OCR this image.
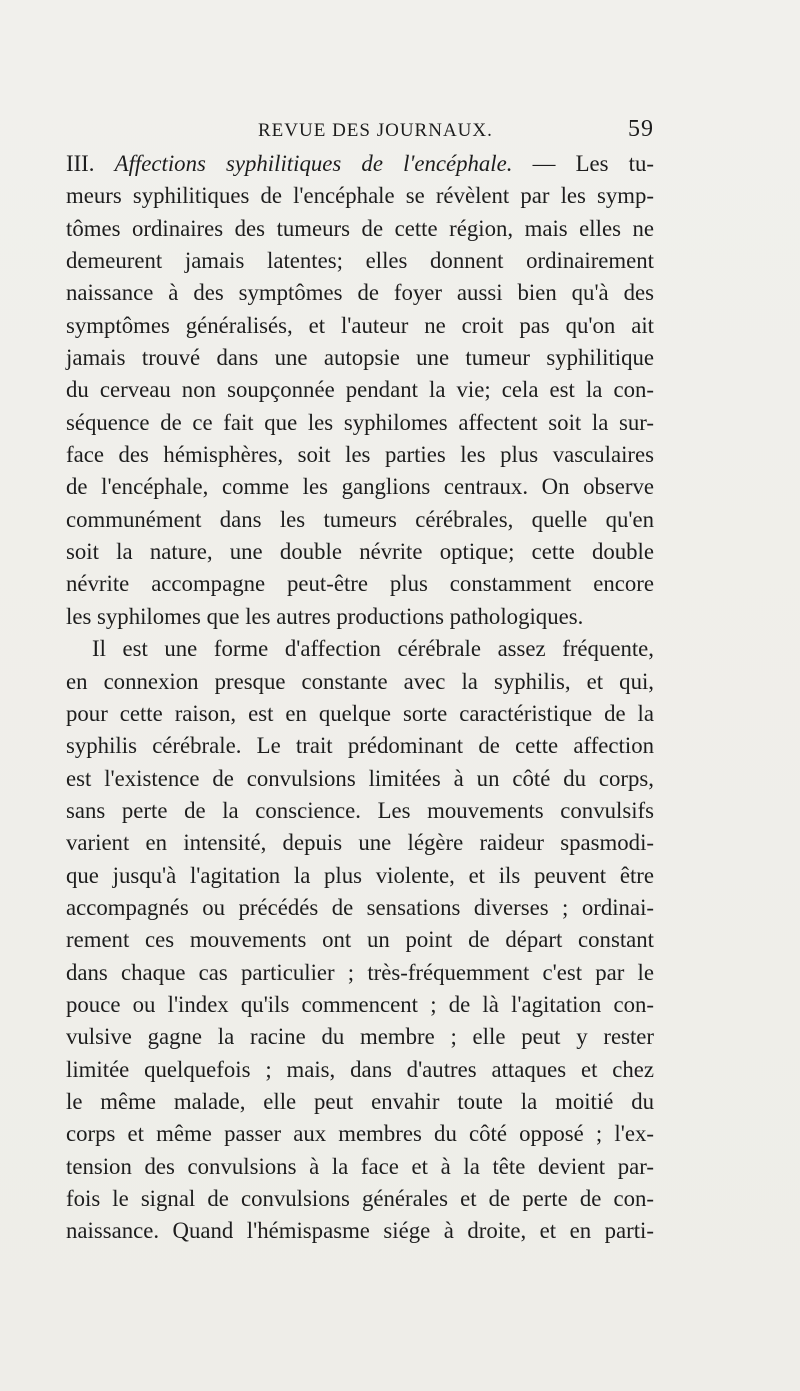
REVUE DES JOURNAUX.	59
III. Affections syphilitiques de l'encéphale. — Les tu-
meurs syphilitiques de l'encéphale se révèlent par les symp-
tômes ordinaires des tumeurs de cette région, mais elles ne
demeurent jamais latentes; elles donnent ordinairement
naissance à des symptômes de foyer aussi bien qu'à des
symptômes généralisés, et l'auteur ne croit pas qu'on ait
jamais trouvé dans une autopsie une tumeur syphilitique
du cerveau non soupçonnée pendant la vie; cela est la con-
séquence de ce fait que les syphilomes affectent soit la sur-
face des hémisphères, soit les parties les plus vasculaires
de l'encéphale, comme les ganglions centraux. On observe
communément dans les tumeurs cérébrales, quelle qu'en
soit la nature, une double névrite optique; cette double
névrite accompagne peut-être plus constamment encore
les syphilomes que les autres productions pathologiques.
Il est une forme d'affection cérébrale assez fréquente,
en connexion presque constante avec la syphilis, et qui,
pour cette raison, est en quelque sorte caractéristique de la
syphilis cérébrale. Le trait prédominant de cette affection
est l'existence de convulsions limitées à un côté du corps,
sans perte de la conscience. Les mouvements convulsifs
varient en intensité, depuis une légère raideur spasmodi-
que jusqu'à l'agitation la plus violente, et ils peuvent être
accompagnés ou précédés de sensations diverses ; ordinai-
rement ces mouvements ont un point de départ constant
dans chaque cas particulier ; très-fréquemment c'est par le
pouce ou l'index qu'ils commencent ; de là l'agitation con-
vulsive gagne la racine du membre ; elle peut y rester
limitée quelquefois ; mais, dans d'autres attaques et chez
le même malade, elle peut envahir toute la moitié du
corps et même passer aux membres du côté opposé ; l'ex-
tension des convulsions à la face et à la tête devient par-
fois le signal de convulsions générales et de perte de con-
naissance. Quand l'hémispasme siége à droite, et en parti-
